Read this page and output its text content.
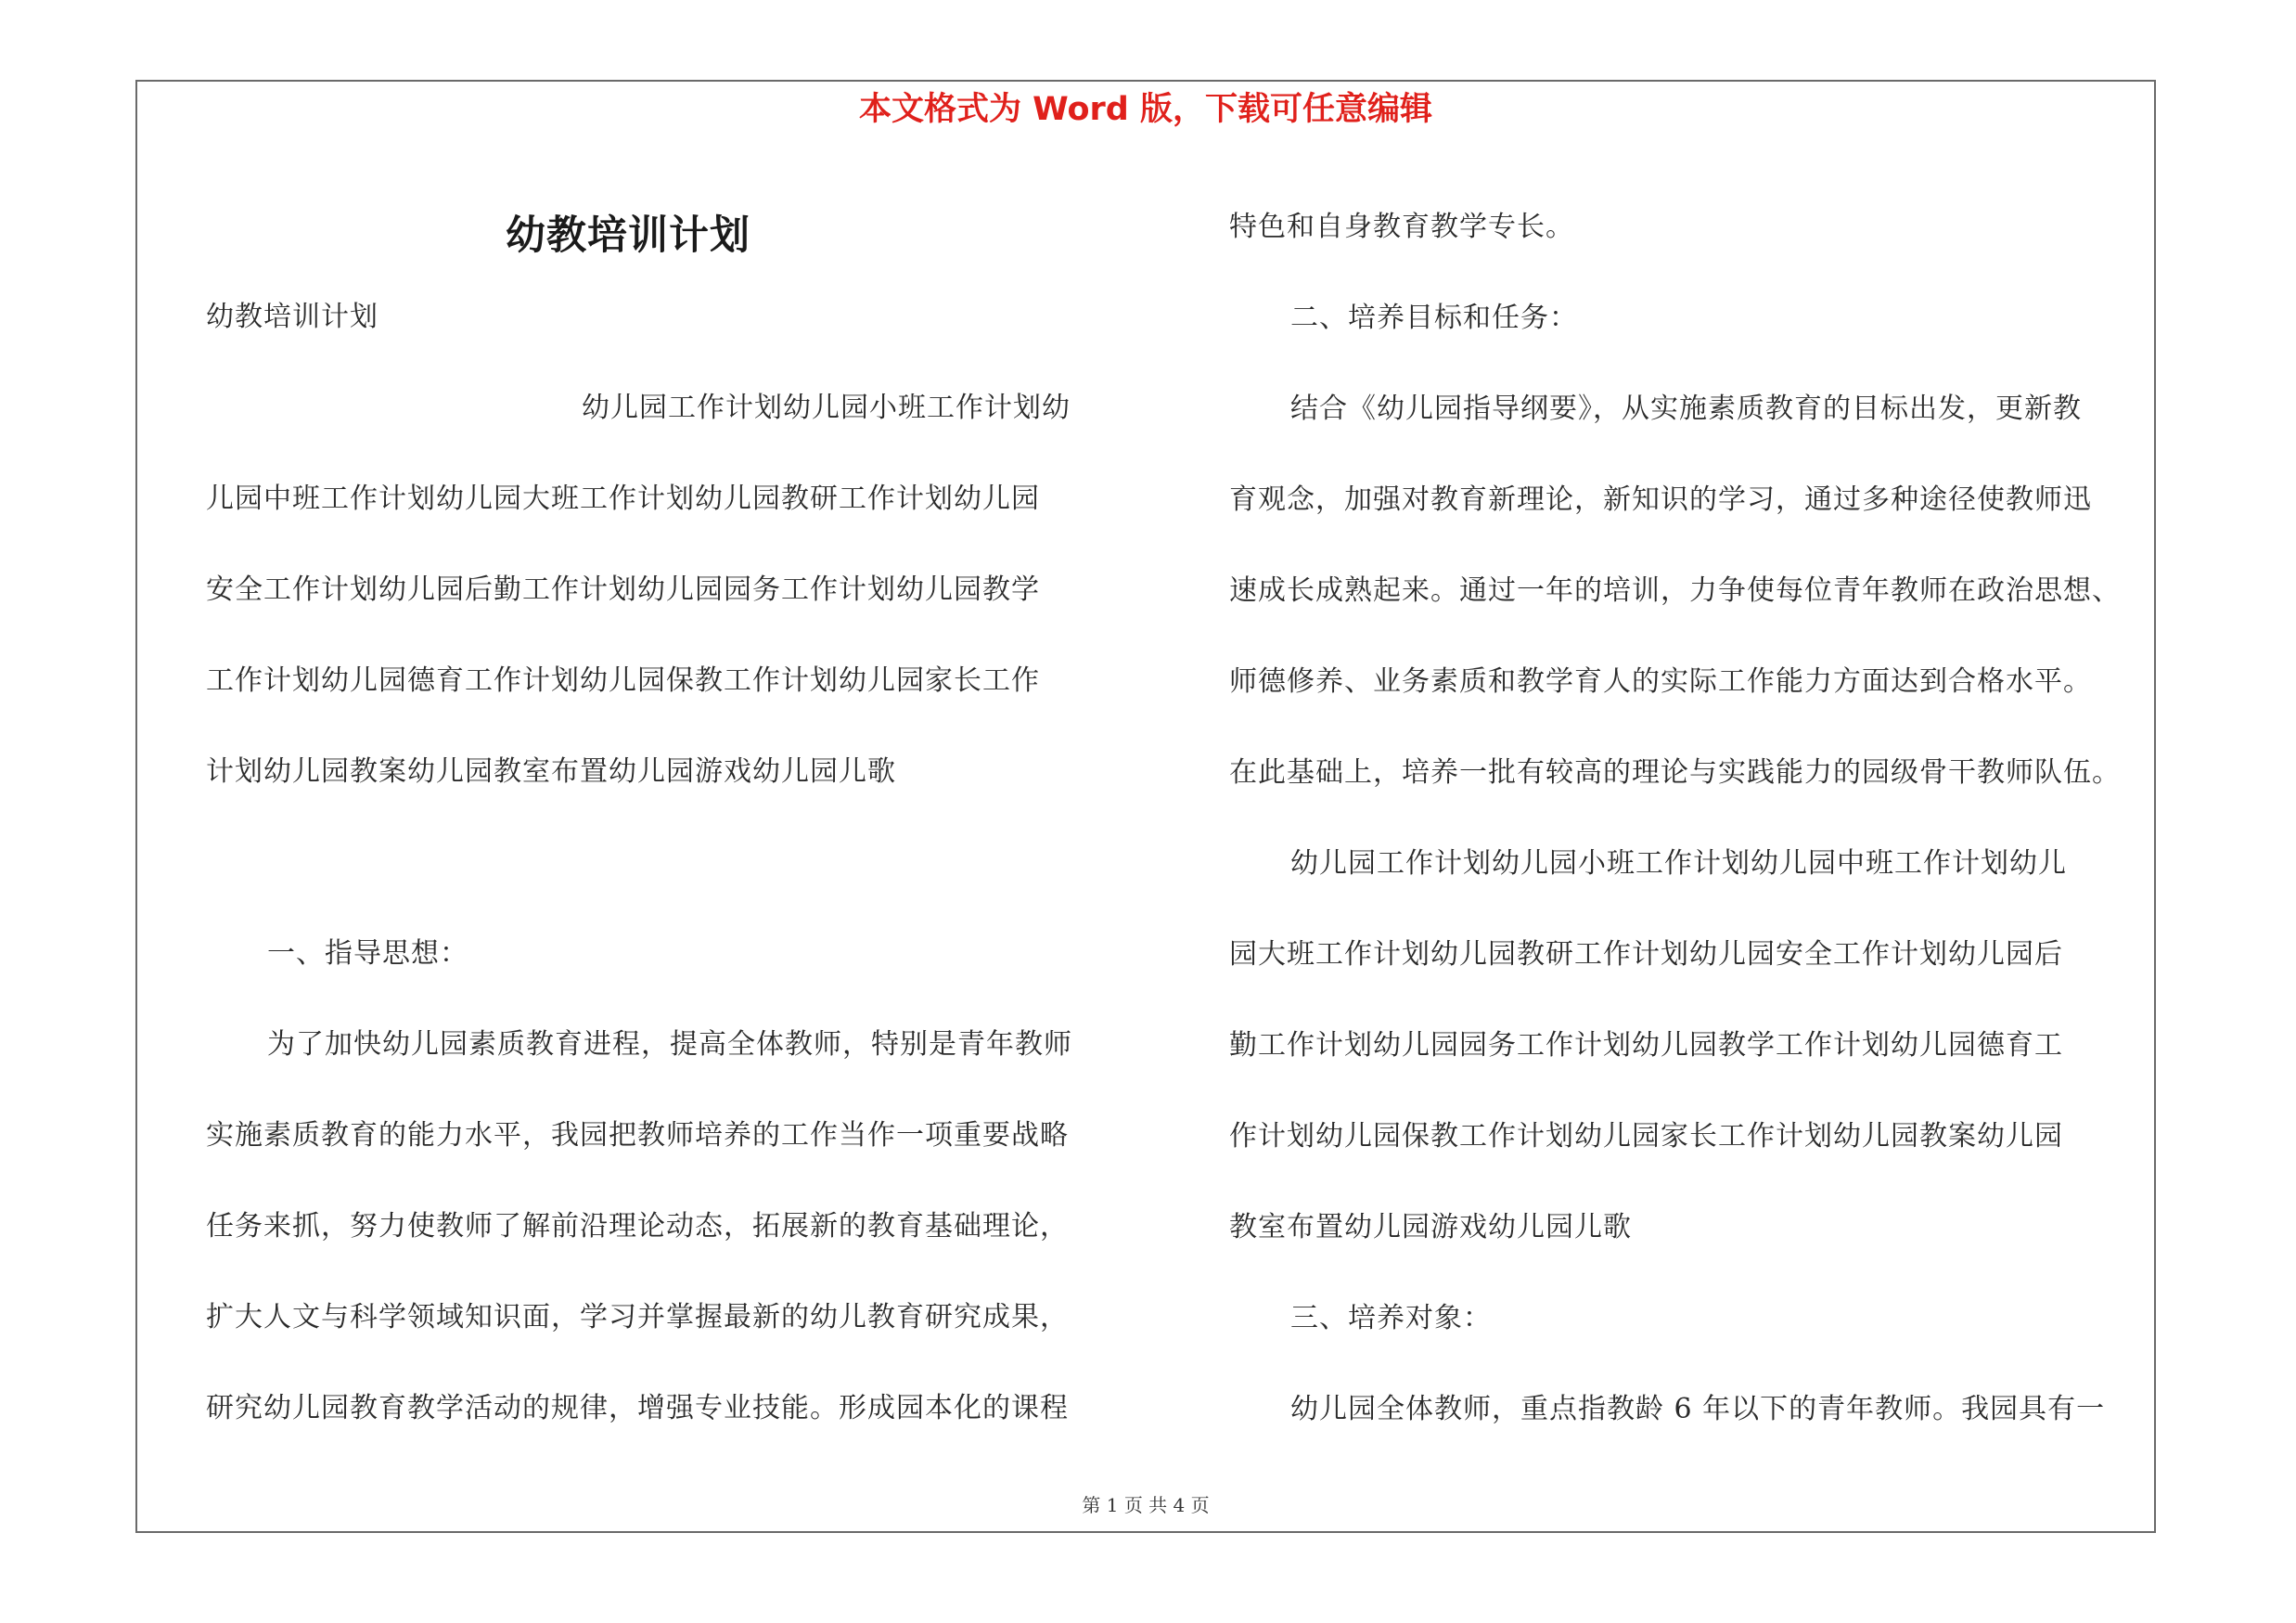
本文格式为 Word 版，下载可任意编辑
幼教培训计划
幼教培训计划
幼儿园工作计划幼儿园小班工作计划幼
儿园中班工作计划幼儿园大班工作计划幼儿园教研工作计划幼儿园
安全工作计划幼儿园后勤工作计划幼儿园园务工作计划幼儿园教学
工作计划幼儿园德育工作计划幼儿园保教工作计划幼儿园家长工作
计划幼儿园教案幼儿园教室布置幼儿园游戏幼儿园儿歌
一、指导思想：
为了加快幼儿园素质教育进程，提高全体教师，特别是青年教师
实施素质教育的能力水平，我园把教师培养的工作当作一项重要战略
任务来抓，努力使教师了解前沿理论动态，拓展新的教育基础理论，
扩大人文与科学领域知识面，学习并掌握最新的幼儿教育研究成果，
研究幼儿园教育教学活动的规律，增强专业技能。形成园本化的课程
特色和自身教育教学专长。
二、培养目标和任务：
结合《幼儿园指导纲要》，从实施素质教育的目标出发，更新教
育观念，加强对教育新理论，新知识的学习，通过多种途径使教师迅
速成长成熟起来。通过一年的培训，力争使每位青年教师在政治思想、
师德修养、业务素质和教学育人的实际工作能力方面达到合格水平。
在此基础上，培养一批有较高的理论与实践能力的园级骨干教师队伍。
幼儿园工作计划幼儿园小班工作计划幼儿园中班工作计划幼儿
园大班工作计划幼儿园教研工作计划幼儿园安全工作计划幼儿园后
勤工作计划幼儿园园务工作计划幼儿园教学工作计划幼儿园德育工
作计划幼儿园保教工作计划幼儿园家长工作计划幼儿园教案幼儿园
教室布置幼儿园游戏幼儿园儿歌
三、培养对象：
幼儿园全体教师，重点指教龄 6 年以下的青年教师。我园具有一
第 1 页 共 4 页
